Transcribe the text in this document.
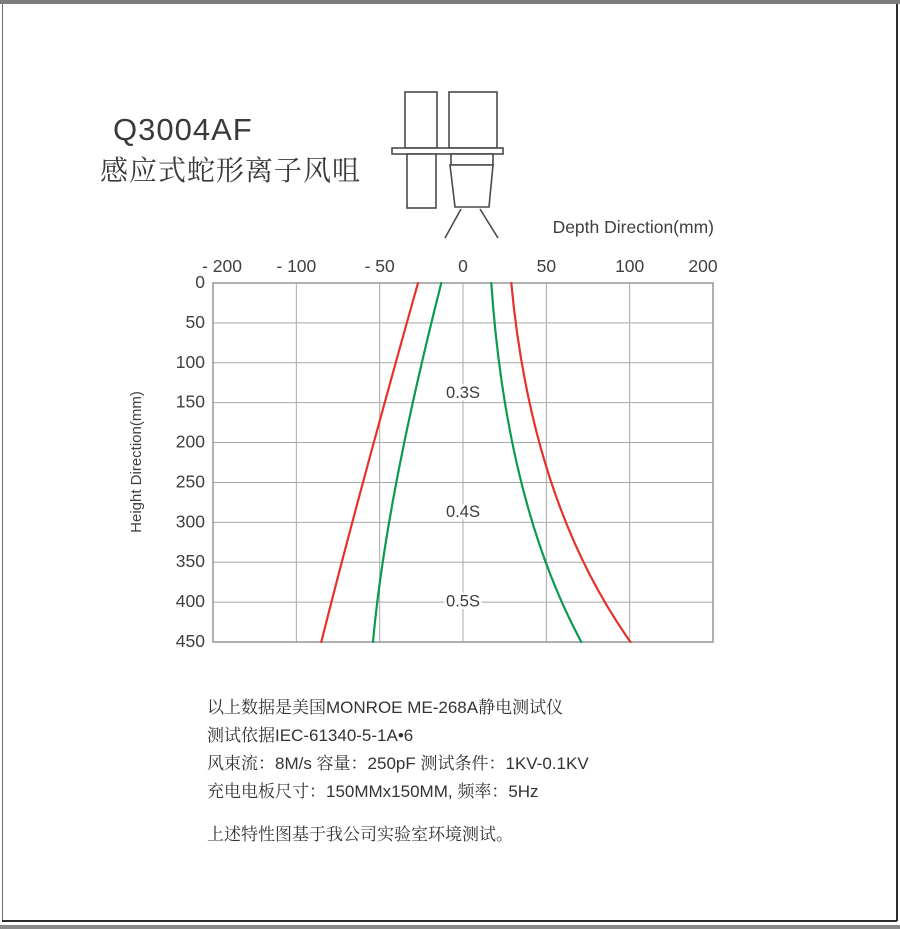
Q3004AF
感应式蛇形离子风咀
- 200 - 100	- 50	0	50	100	200
0
50
100
150
200
250
300
350
400
450
Depth Direction(mm)
Height Direction(mm)	0.3S
0.4S
0.5S

以上数据是美国MONROE ME-268A静电测试仪

测试依据IEC-61340-5-1A•6

风束流：8M/s 容量：250pF 测试条件：1KV-0.1KV

充电电板尺寸：150MMx150MM, 频率：5Hz

上述特性图基于我公司实验室环境测试。
